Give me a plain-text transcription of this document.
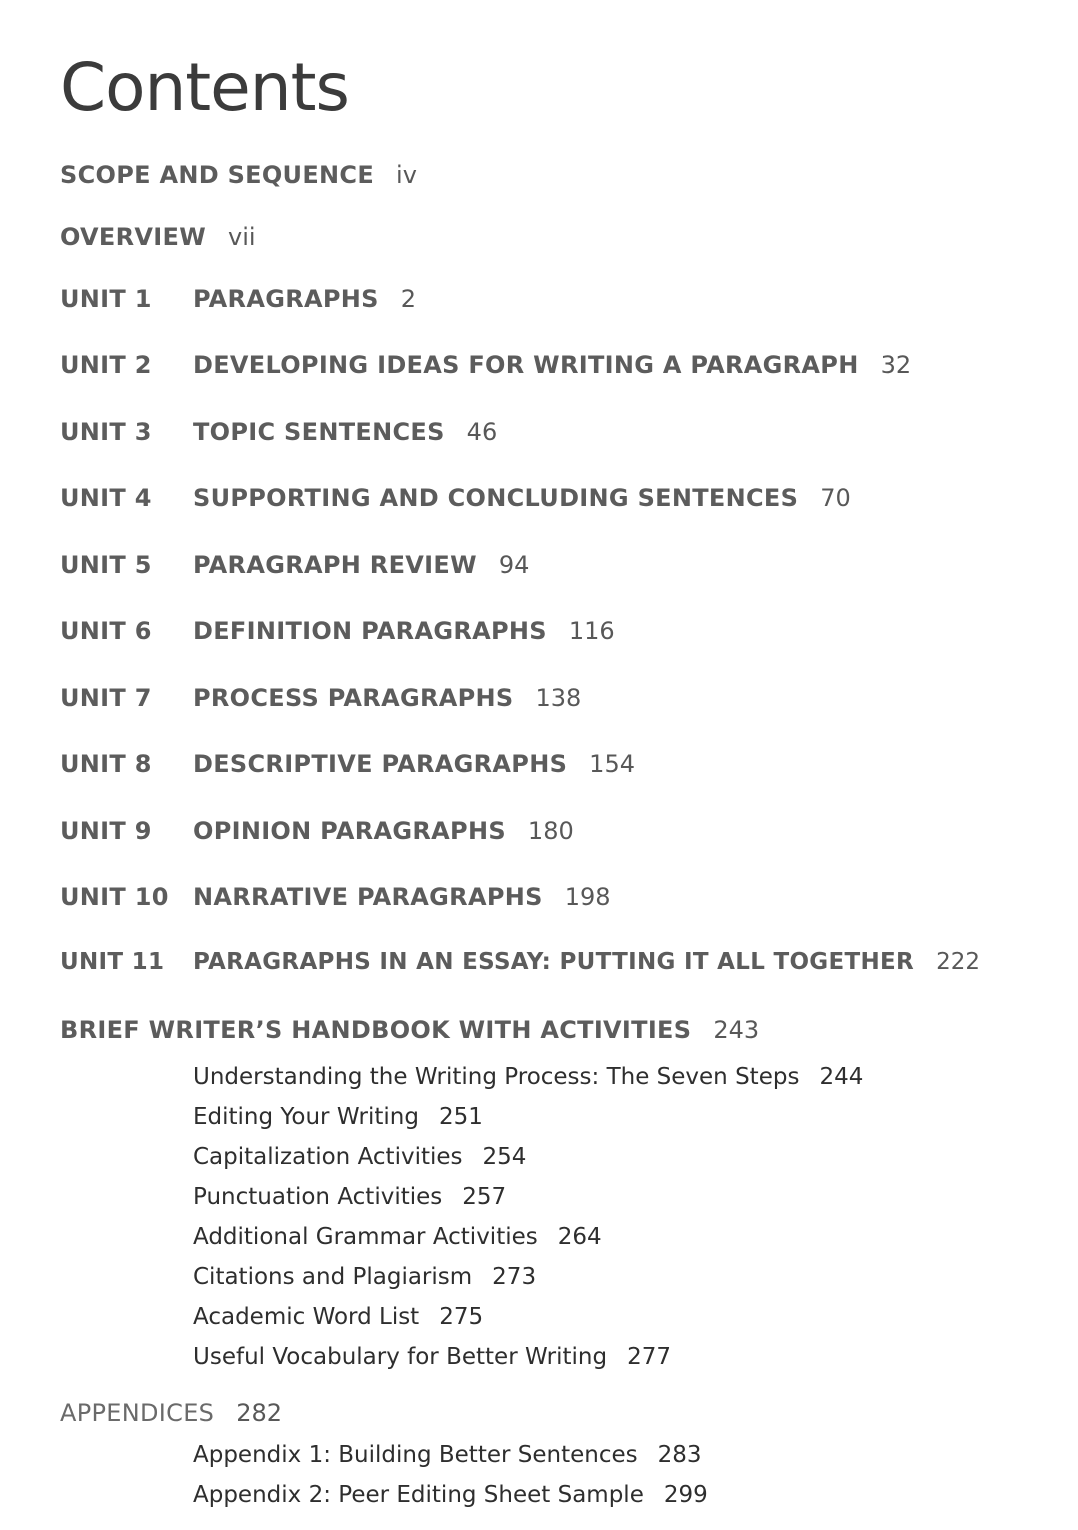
Contents
SCOPE AND SEQUENCE iv
OVERVIEW vii
UNIT 1 PARAGRAPHS 2
UNIT 2 DEVELOPING IDEAS FOR WRITING A PARAGRAPH 32
UNIT 3 TOPIC SENTENCES 46
UNIT 4 SUPPORTING AND CONCLUDING SENTENCES 70
UNIT 5 PARAGRAPH REVIEW 94
UNIT 6 DEFINITION PARAGRAPHS 116
UNIT 7 PROCESS PARAGRAPHS 138
UNIT 8 DESCRIPTIVE PARAGRAPHS 154
UNIT 9 OPINION PARAGRAPHS 180
UNIT 10 NARRATIVE PARAGRAPHS 198
UNIT 11 PARAGRAPHS IN AN ESSAY: PUTTING IT ALL TOGETHER 222
BRIEF WRITER’S HANDBOOK WITH ACTIVITIES 243
Understanding the Writing Process: The Seven Steps 244
Editing Your Writing 251
Capitalization Activities 254
Punctuation Activities 257
Additional Grammar Activities 264
Citations and Plagiarism 273
Academic Word List 275
Useful Vocabulary for Better Writing 277
APPENDICES 282
Appendix 1: Building Better Sentences 283
Appendix 2: Peer Editing Sheet Sample 299
